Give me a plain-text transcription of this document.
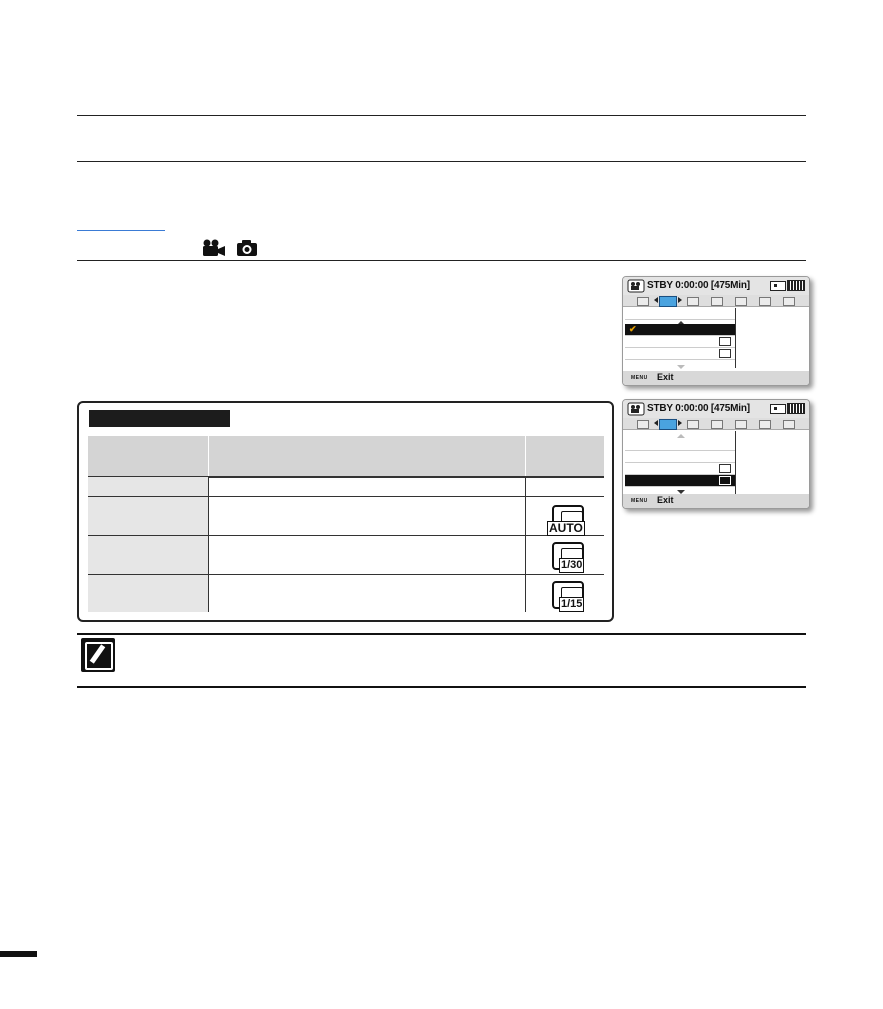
STBY 0:00:00 [475Min]
✔
MENU Exit
STBY 0:00:00 [475Min]
MENU Exit
AUTO
1/30
1/15
